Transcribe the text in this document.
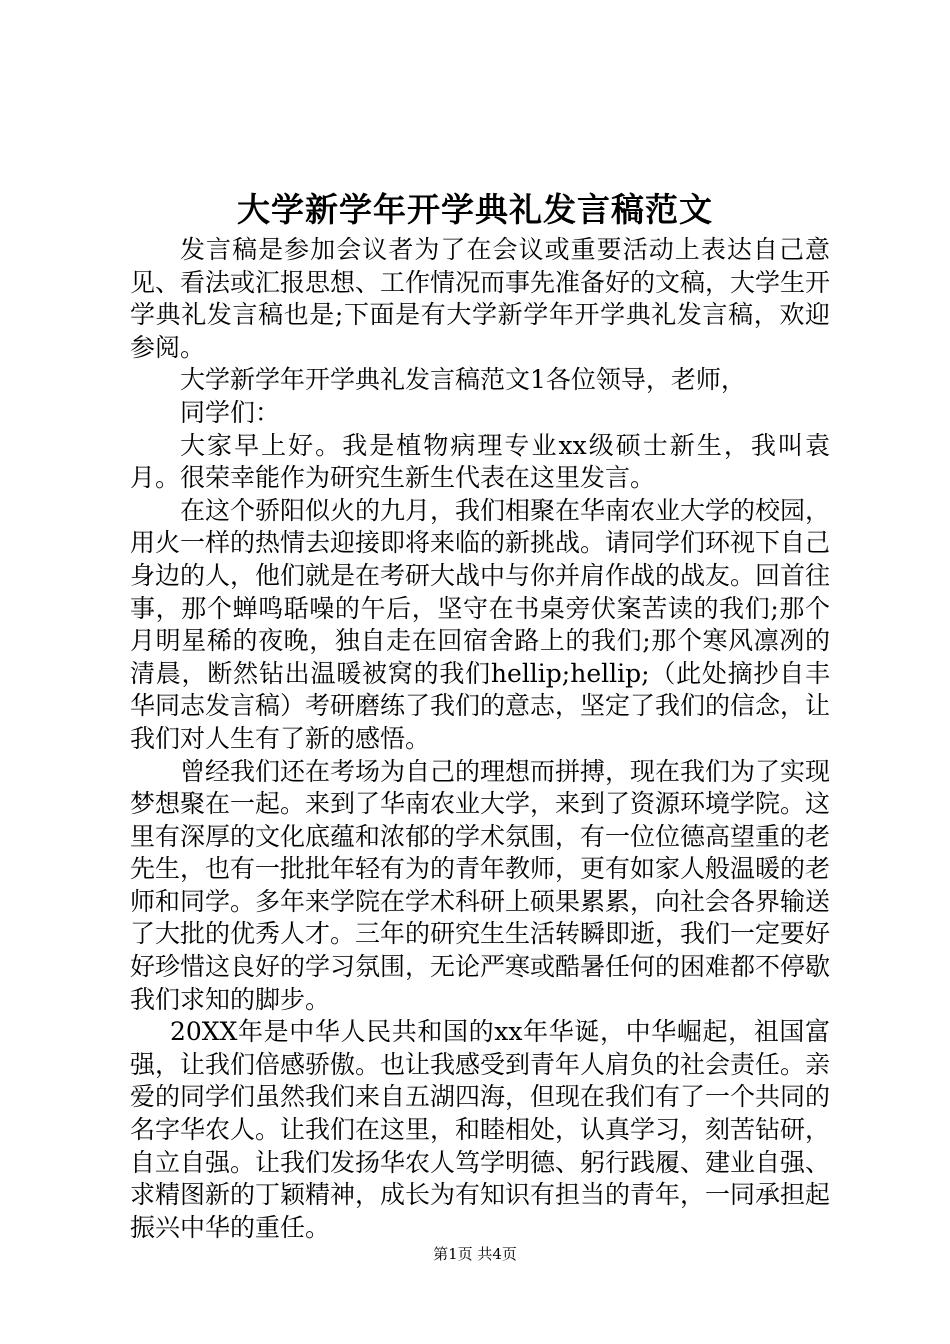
大学新学年开学典礼发言稿范文

发言稿是参加会议者为了在会议或重要活动上表达自己意见、看法或汇报思想、工作情况而事先准备好的文稿，大学生开学典礼发言稿也是;下面是有大学新学年开学典礼发言稿，欢迎参阅。

大学新学年开学典礼发言稿范文1各位领导，老师，

同学们：

大家早上好。我是植物病理专业xx级硕士新生，我叫袁月。很荣幸能作为研究生新生代表在这里发言。

在这个骄阳似火的九月，我们相聚在华南农业大学的校园，用火一样的热情去迎接即将来临的新挑战。请同学们环视下自己身边的人，他们就是在考研大战中与你并肩作战的战友。回首往事，那个蝉鸣聒噪的午后，坚守在书桌旁伏案苦读的我们;那个月明星稀的夜晚，独自走在回宿舍路上的我们;那个寒风凛冽的清晨，断然钻出温暖被窝的我们hellip;hellip;（此处摘抄自丰华同志发言稿）考研磨练了我们的意志，坚定了我们的信念，让我们对人生有了新的感悟。

曾经我们还在考场为自己的理想而拼搏，现在我们为了实现梦想聚在一起。来到了华南农业大学，来到了资源环境学院。这里有深厚的文化底蕴和浓郁的学术氛围，有一位位德高望重的老先生，也有一批批年轻有为的青年教师，更有如家人般温暖的老师和同学。多年来学院在学术科研上硕果累累，向社会各界输送了大批的优秀人才。三年的研究生生活转瞬即逝，我们一定要好好珍惜这良好的学习氛围，无论严寒或酷暑任何的困难都不停歇我们求知的脚步。

20XX年是中华人民共和国的xx年华诞，中华崛起，祖国富强，让我们倍感骄傲。也让我感受到青年人肩负的社会责任。亲爱的同学们虽然我们来自五湖四海，但现在我们有了一个共同的名字华农人。让我们在这里，和睦相处，认真学习，刻苦钻研，自立自强。让我们发扬华农人笃学明德、躬行践履、建业自强、求精图新的丁颖精神，成长为有知识有担当的青年，一同承担起振兴中华的重任。

第1页 共4页
